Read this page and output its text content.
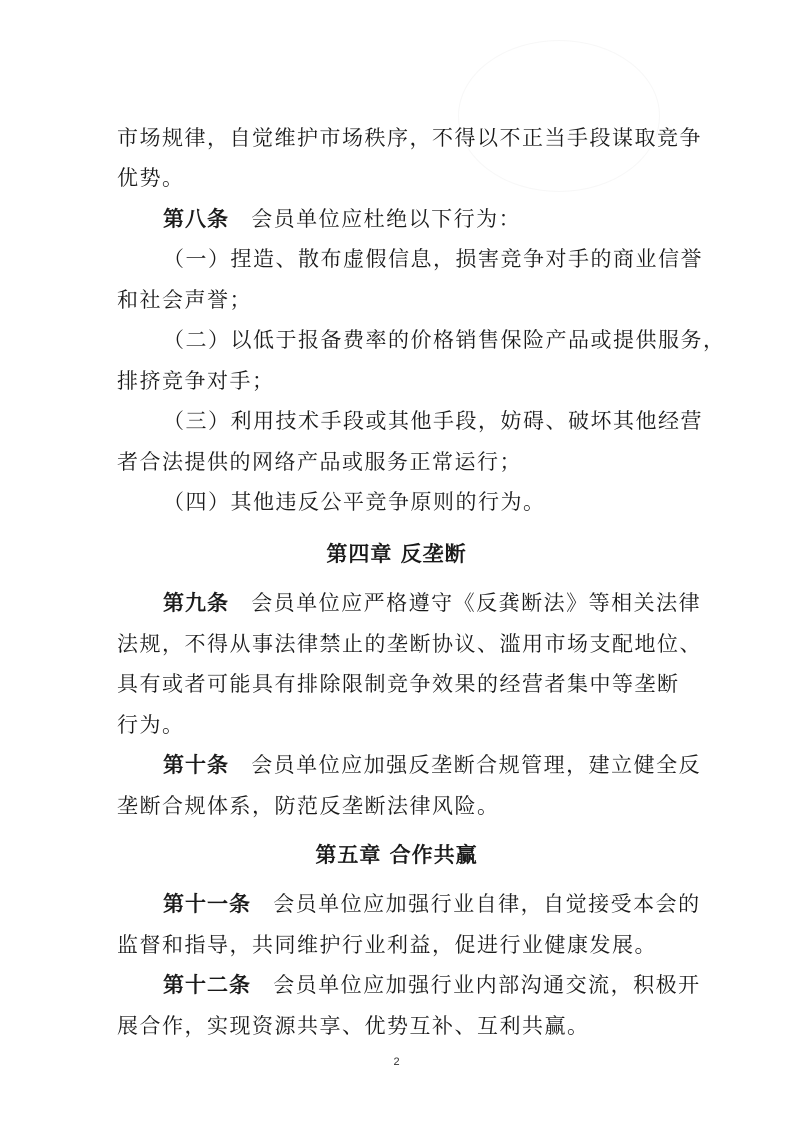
市场规律，自觉维护市场秩序，不得以不正当手段谋取竞争
优势。
第八条 会员单位应杜绝以下行为：
（一）捏造、散布虚假信息，损害竞争对手的商业信誉
和社会声誉；
（二）以低于报备费率的价格销售保险产品或提供服务，
排挤竞争对手；
（三）利用技术手段或其他手段，妨碍、破坏其他经营
者合法提供的网络产品或服务正常运行；
（四）其他违反公平竞争原则的行为。
第四章 反垄断
第九条 会员单位应严格遵守《反龚断法》等相关法律
法规，不得从事法律禁止的垄断协议、滥用市场支配地位、
具有或者可能具有排除限制竞争效果的经营者集中等垄断
行为。
第十条 会员单位应加强反垄断合规管理，建立健全反
垄断合规体系，防范反垄断法律风险。
第五章 合作共赢
第十一条 会员单位应加强行业自律，自觉接受本会的
监督和指导，共同维护行业利益，促进行业健康发展。
第十二条 会员单位应加强行业内部沟通交流，积极开
展合作，实现资源共享、优势互补、互利共赢。
2
